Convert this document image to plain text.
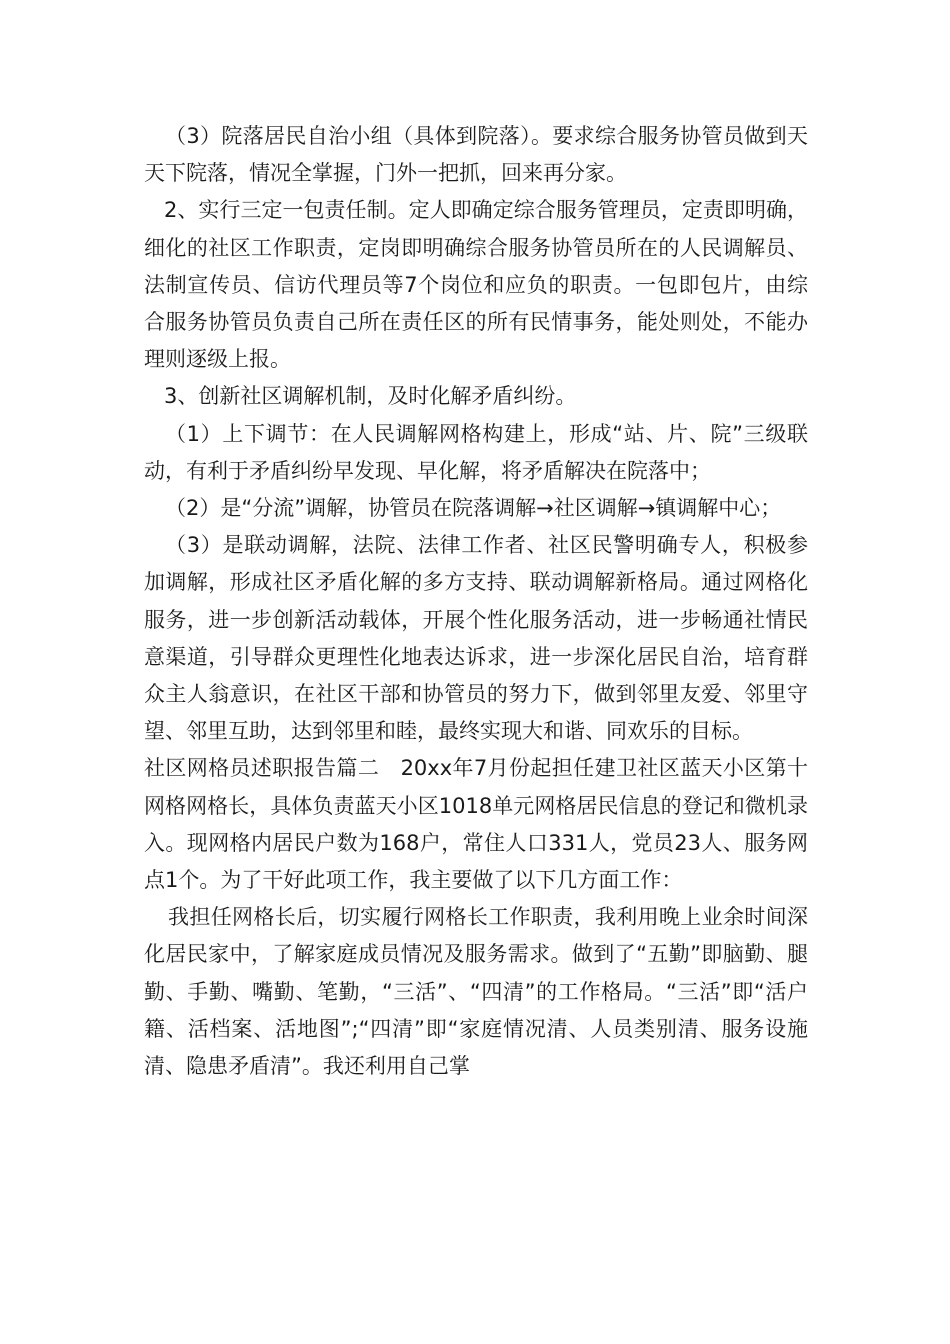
（3）院落居民自治小组（具体到院落）。要求综合服务协管员做到天天下院落，情况全掌握，门外一把抓，回来再分家。

2、实行三定一包责任制。定人即确定综合服务管理员，定责即明确，细化的社区工作职责，定岗即明确综合服务协管员所在的人民调解员、法制宣传员、信访代理员等7个岗位和应负的职责。一包即包片，由综合服务协管员负责自己所在责任区的所有民情事务，能处则处，不能办理则逐级上报。

3、创新社区调解机制，及时化解矛盾纠纷。

（1）上下调节：在人民调解网格构建上，形成“站、片、院”三级联动，有利于矛盾纠纷早发现、早化解，将矛盾解决在院落中；

（2）是“分流”调解，协管员在院落调解→社区调解→镇调解中心；

（3）是联动调解，法院、法律工作者、社区民警明确专人，积极参加调解，形成社区矛盾化解的多方支持、联动调解新格局。通过网格化服务，进一步创新活动载体，开展个性化服务活动，进一步畅通社情民意渠道，引导群众更理性化地表达诉求，进一步深化居民自治，培育群众主人翁意识，在社区干部和协管员的努力下，做到邻里友爱、邻里守望、邻里互助，达到邻里和睦，最终实现大和谐、同欢乐的目标。

社区网格员述职报告篇二　20xx年7月份起担任建卫社区蓝天小区第十网格网格长，具体负责蓝天小区1018单元网格居民信息的登记和微机录入。现网格内居民户数为168户，常住人口331人，党员23人、服务网点1个。为了干好此项工作，我主要做了以下几方面工作：

我担任网格长后，切实履行网格长工作职责，我利用晚上业余时间深化居民家中，了解家庭成员情况及服务需求。做到了“五勤”即脑勤、腿勤、手勤、嘴勤、笔勤，“三活”、“四清”的工作格局。“三活”即“活户籍、活档案、活地图”;“四清”即“家庭情况清、人员类别清、服务设施清、隐患矛盾清”。我还利用自己掌
